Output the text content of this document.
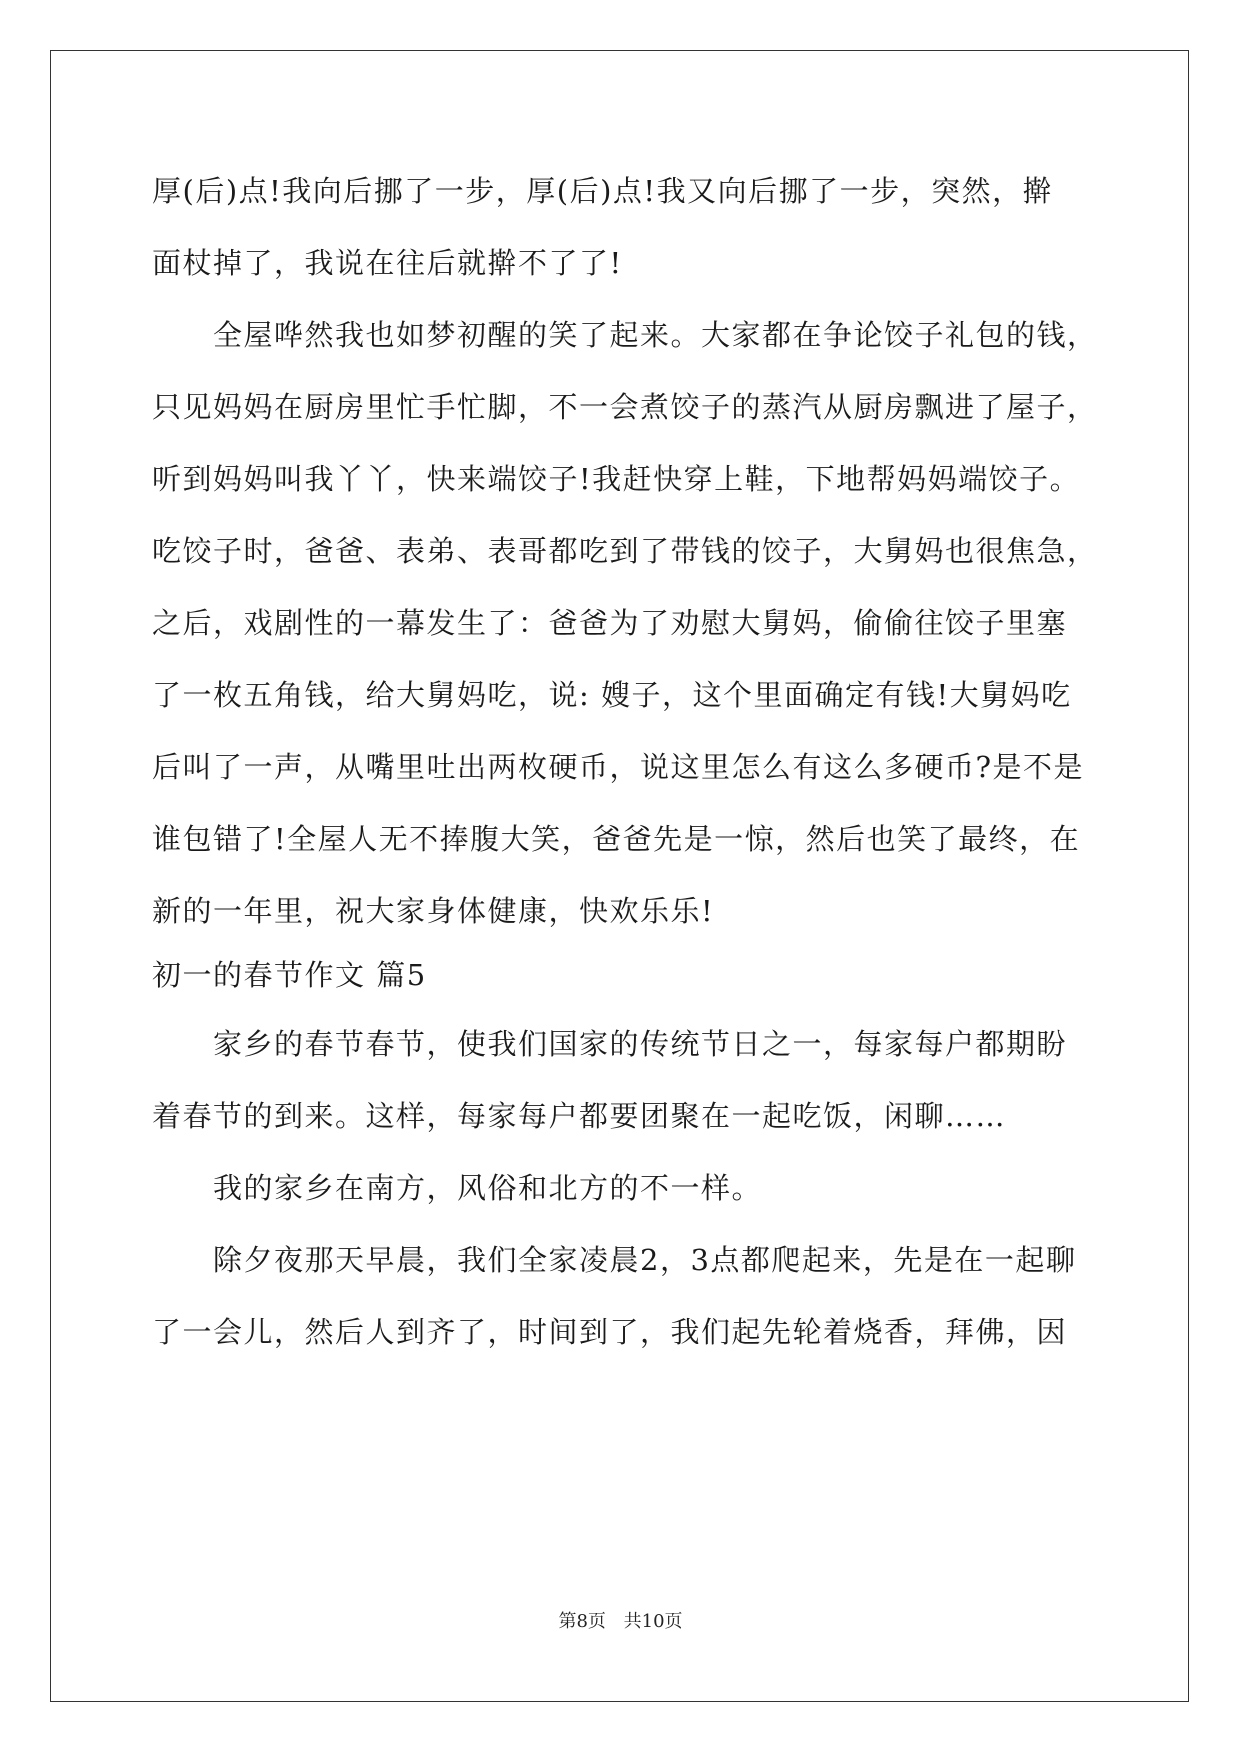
厚(后)点!我向后挪了一步，厚(后)点!我又向后挪了一步，突然，擀
面杖掉了，我说在往后就擀不了了!
　　全屋哗然我也如梦初醒的笑了起来。大家都在争论饺子礼包的钱，
只见妈妈在厨房里忙手忙脚，不一会煮饺子的蒸汽从厨房飘进了屋子，
听到妈妈叫我丫丫，快来端饺子!我赶快穿上鞋，下地帮妈妈端饺子。
吃饺子时，爸爸、表弟、表哥都吃到了带钱的饺子，大舅妈也很焦急，
之后，戏剧性的一幕发生了：爸爸为了劝慰大舅妈，偷偷往饺子里塞
了一枚五角钱，给大舅妈吃，说: 嫂子，这个里面确定有钱!大舅妈吃
后叫了一声，从嘴里吐出两枚硬币，说这里怎么有这么多硬币?是不是
谁包错了!全屋人无不捧腹大笑，爸爸先是一惊，然后也笑了最终，在
新的一年里，祝大家身体健康，快欢乐乐!
初一的春节作文 篇5
　　家乡的春节春节，使我们国家的传统节日之一，每家每户都期盼
着春节的到来。这样，每家每户都要团聚在一起吃饭，闲聊……
　　我的家乡在南方，风俗和北方的不一样。
　　除夕夜那天早晨，我们全家凌晨2，3点都爬起来，先是在一起聊
了一会儿，然后人到齐了，时间到了，我们起先轮着烧香，拜佛，因
第8页 共10页
